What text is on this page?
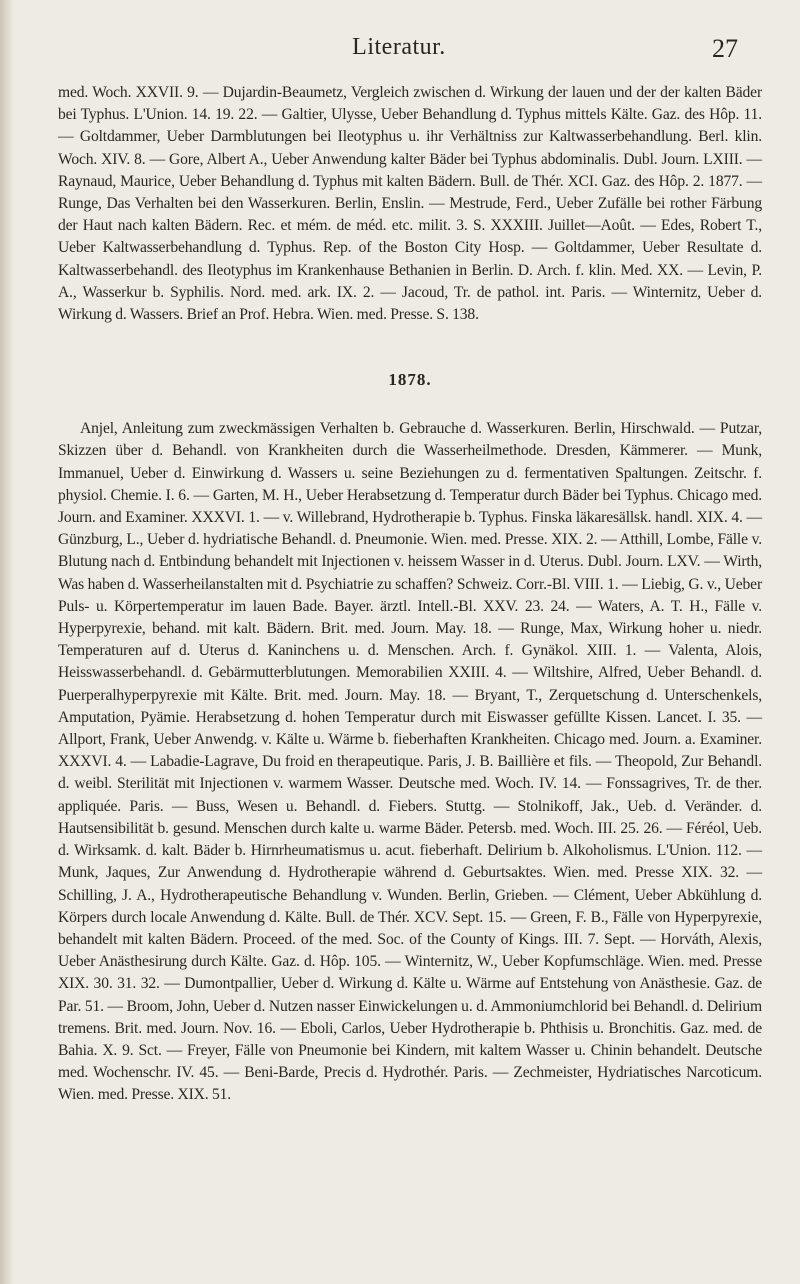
Literatur.	27

med. Woch. XXVII. 9. — Dujardin-Beaumetz, Vergleich zwischen d. Wirkung der lauen und der der kalten Bäder bei Typhus. L'Union. 14. 19. 22. — Galtier, Ulysse, Ueber Behandlung d. Typhus mittels Kälte. Gaz. des Hôp. 11. — Goltdammer, Ueber Darmblutungen bei Ileotyphus u. ihr Verhältniss zur Kaltwasserbehandlung. Berl. klin. Woch. XIV. 8. — Gore, Albert A., Ueber Anwendung kalter Bäder bei Typhus abdominalis. Dubl. Journ. LXIII. — Raynaud, Maurice, Ueber Behandlung d. Typhus mit kalten Bädern. Bull. de Thér. XCI. Gaz. des Hôp. 2. 1877. — Runge, Das Verhalten bei den Wasserkuren. Berlin, Enslin. — Mestrude, Ferd., Ueber Zufälle bei rother Färbung der Haut nach kalten Bädern. Rec. et mém. de méd. etc. milit. 3. S. XXXIII. Juillet—Août. — Edes, Robert T., Ueber Kaltwasserbehandlung d. Typhus. Rep. of the Boston City Hosp. — Goltdammer, Ueber Resultate d. Kaltwasserbehandl. des Ileotyphus im Krankenhause Bethanien in Berlin. D. Arch. f. klin. Med. XX. — Levin, P. A., Wasserkur b. Syphilis. Nord. med. ark. IX. 2. — Jacoud, Tr. de pathol. int. Paris. — Winternitz, Ueber d. Wirkung d. Wassers. Brief an Prof. Hebra. Wien. med. Presse. S. 138.

1878.

Anjel, Anleitung zum zweckmässigen Verhalten b. Gebrauche d. Wasserkuren. Berlin, Hirschwald. — Putzar, Skizzen über d. Behandl. von Krankheiten durch die Wasserheilmethode. Dresden, Kämmerer. — Munk, Immanuel, Ueber d. Einwirkung d. Wassers u. seine Beziehungen zu d. fermentativen Spaltungen. Zeitschr. f. physiol. Chemie. I. 6. — Garten, M. H., Ueber Herabsetzung d. Temperatur durch Bäder bei Typhus. Chicago med. Journ. and Examiner. XXXVI. 1. — v. Willebrand, Hydrotherapie b. Typhus. Finska läkaresällsk. handl. XIX. 4. — Günzburg, L., Ueber d. hydriatische Behandl. d. Pneumonie. Wien. med. Presse. XIX. 2. — Atthill, Lombe, Fälle v. Blutung nach d. Entbindung behandelt mit Injectionen v. heissem Wasser in d. Uterus. Dubl. Journ. LXV. — Wirth, Was haben d. Wasserheilanstalten mit d. Psychiatrie zu schaffen? Schweiz. Corr.-Bl. VIII. 1. — Liebig, G. v., Ueber Puls- u. Körpertemperatur im lauen Bade. Bayer. ärztl. Intell.-Bl. XXV. 23. 24. — Waters, A. T. H., Fälle v. Hyperpyrexie, behand. mit kalt. Bädern. Brit. med. Journ. May. 18. — Runge, Max, Wirkung hoher u. niedr. Temperaturen auf d. Uterus d. Kaninchens u. d. Menschen. Arch. f. Gynäkol. XIII. 1. — Valenta, Alois, Heisswasserbehandl. d. Gebärmutterblutungen. Memorabilien XXIII. 4. — Wiltshire, Alfred, Ueber Behandl. d. Puerperalhyperpyrexie mit Kälte. Brit. med. Journ. May. 18. — Bryant, T., Zerquetschung d. Unterschenkels, Amputation, Pyämie. Herabsetzung d. hohen Temperatur durch mit Eiswasser gefüllte Kissen. Lancet. I. 35. — Allport, Frank, Ueber Anwendg. v. Kälte u. Wärme b. fieberhaften Krankheiten. Chicago med. Journ. a. Examiner. XXXVI. 4. — Labadie-Lagrave, Du froid en therapeutique. Paris, J. B. Baillière et fils. — Theopold, Zur Behandl. d. weibl. Sterilität mit Injectionen v. warmem Wasser. Deutsche med. Woch. IV. 14. — Fonssagrives, Tr. de ther. appliquée. Paris. — Buss, Wesen u. Behandl. d. Fiebers. Stuttg. — Stolnikoff, Jak., Ueb. d. Veränder. d. Hautsensibilität b. gesund. Menschen durch kalte u. warme Bäder. Petersb. med. Woch. III. 25. 26. — Féréol, Ueb. d. Wirksamk. d. kalt. Bäder b. Hirnrheumatismus u. acut. fieberhaft. Delirium b. Alkoholismus. L'Union. 112. — Munk, Jaques, Zur Anwendung d. Hydrotherapie während d. Geburtsaktes. Wien. med. Presse XIX. 32. — Schilling, J. A., Hydrotherapeutische Behandlung v. Wunden. Berlin, Grieben. — Clément, Ueber Abkühlung d. Körpers durch locale Anwendung d. Kälte. Bull. de Thér. XCV. Sept. 15. — Green, F. B., Fälle von Hyperpyrexie, behandelt mit kalten Bädern. Proceed. of the med. Soc. of the County of Kings. III. 7. Sept. — Horváth, Alexis, Ueber Anästhesirung durch Kälte. Gaz. d. Hôp. 105. — Winternitz, W., Ueber Kopfumschläge. Wien. med. Presse XIX. 30. 31. 32. — Dumontpallier, Ueber d. Wirkung d. Kälte u. Wärme auf Entstehung von Anästhesie. Gaz. de Par. 51. — Broom, John, Ueber d. Nutzen nasser Einwickelungen u. d. Ammoniumchlorid bei Behandl. d. Delirium tremens. Brit. med. Journ. Nov. 16. — Eboli, Carlos, Ueber Hydrotherapie b. Phthisis u. Bronchitis. Gaz. med. de Bahia. X. 9. Sct. — Freyer, Fälle von Pneumonie bei Kindern, mit kaltem Wasser u. Chinin behandelt. Deutsche med. Wochenschr. IV. 45. — Beni-Barde, Precis d. Hydrothér. Paris. — Zechmeister, Hydriatisches Narcoticum. Wien. med. Presse. XIX. 51.
